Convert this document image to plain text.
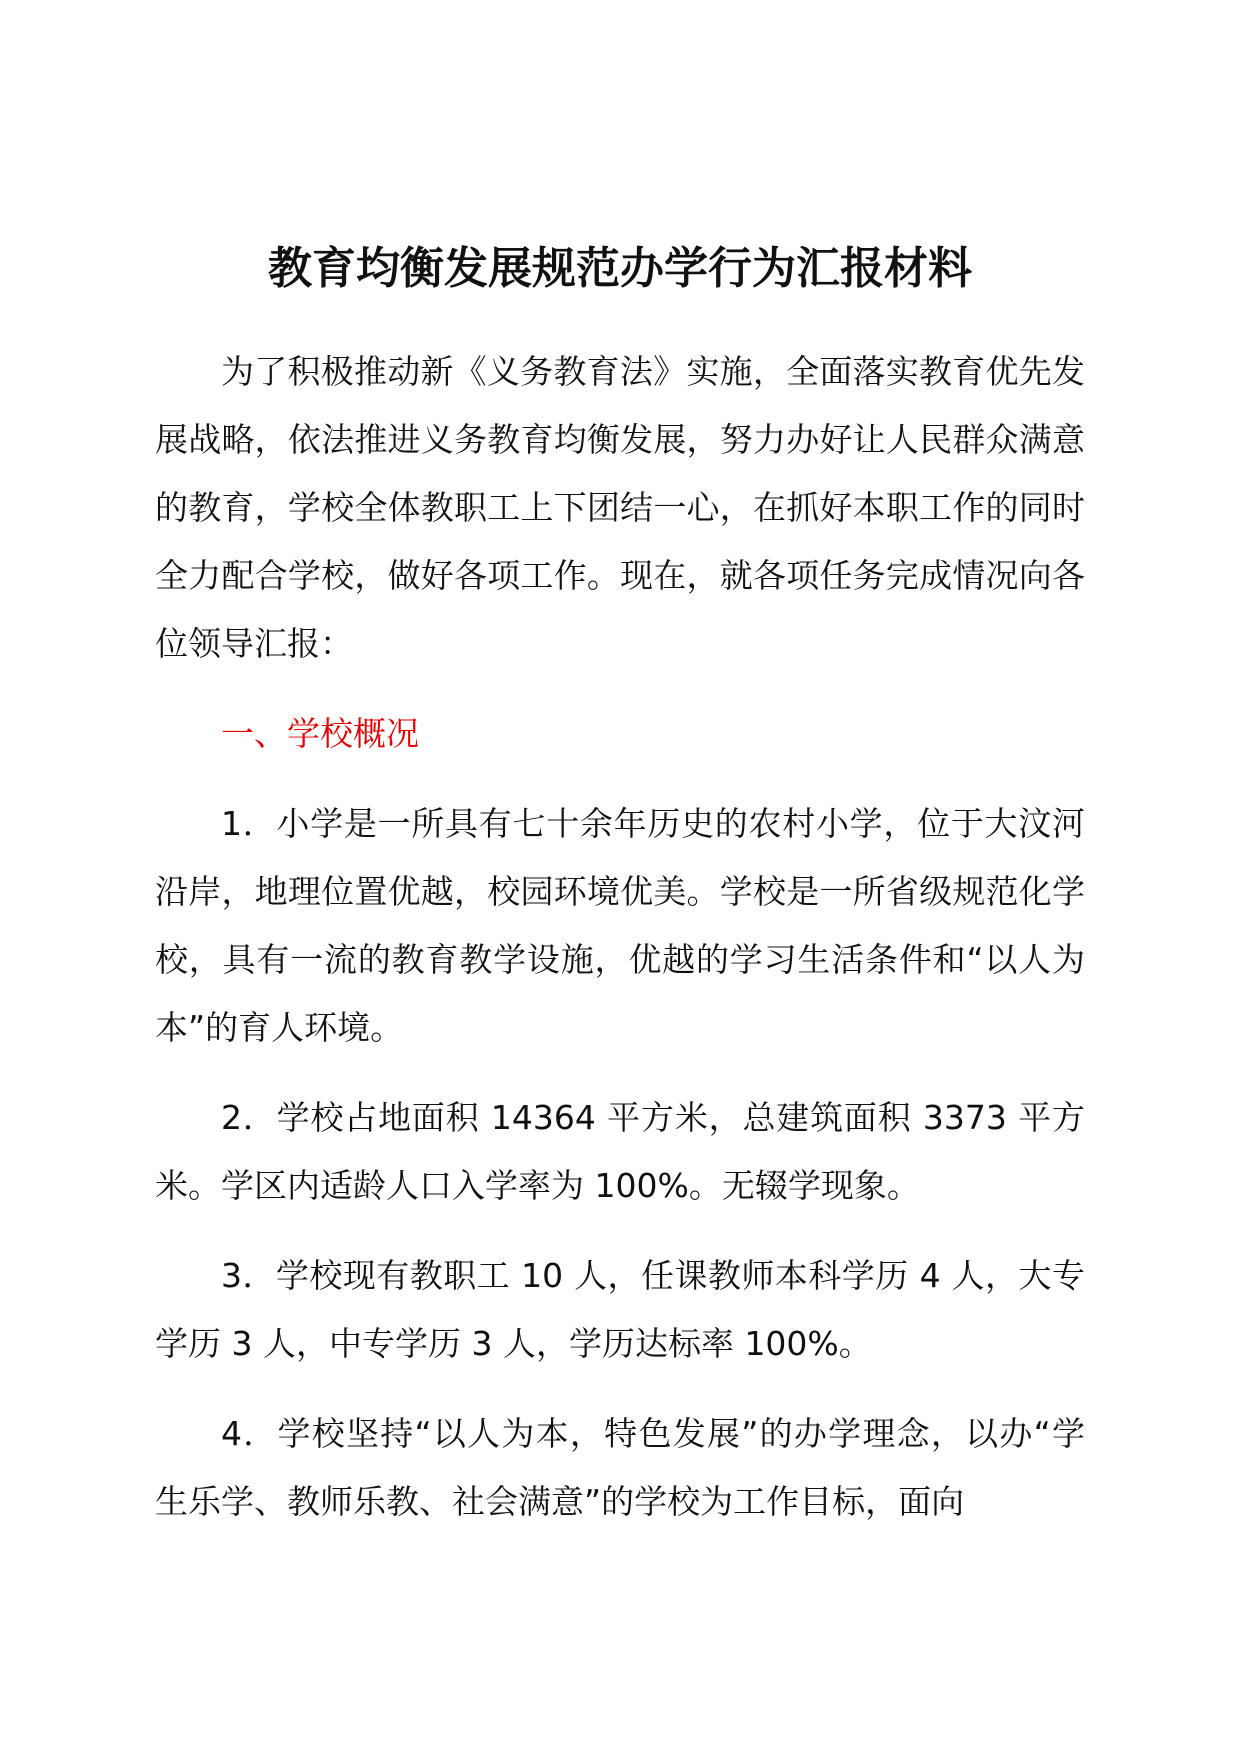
教育均衡发展规范办学行为汇报材料

为了积极推动新《义务教育法》实施，全面落实教育优先发展战略，依法推进义务教育均衡发展，努力办好让人民群众满意的教育，学校全体教职工上下团结一心，在抓好本职工作的同时全力配合学校，做好各项工作。现在，就各项任务完成情况向各位领导汇报：

一、学校概况

1．小学是一所具有七十余年历史的农村小学，位于大汶河沿岸，地理位置优越，校园环境优美。学校是一所省级规范化学校，具有一流的教育教学设施，优越的学习生活条件和“以人为本”的育人环境。

2．学校占地面积 14364 平方米，总建筑面积 3373 平方米。学区内适龄人口入学率为 100%。无辍学现象。

3．学校现有教职工 10 人，任课教师本科学历 4 人，大专学历 3 人，中专学历 3 人，学历达标率 100%。

4．学校坚持“以人为本，特色发展”的办学理念，以办“学生乐学、教师乐教、社会满意”的学校为工作目标，面向
